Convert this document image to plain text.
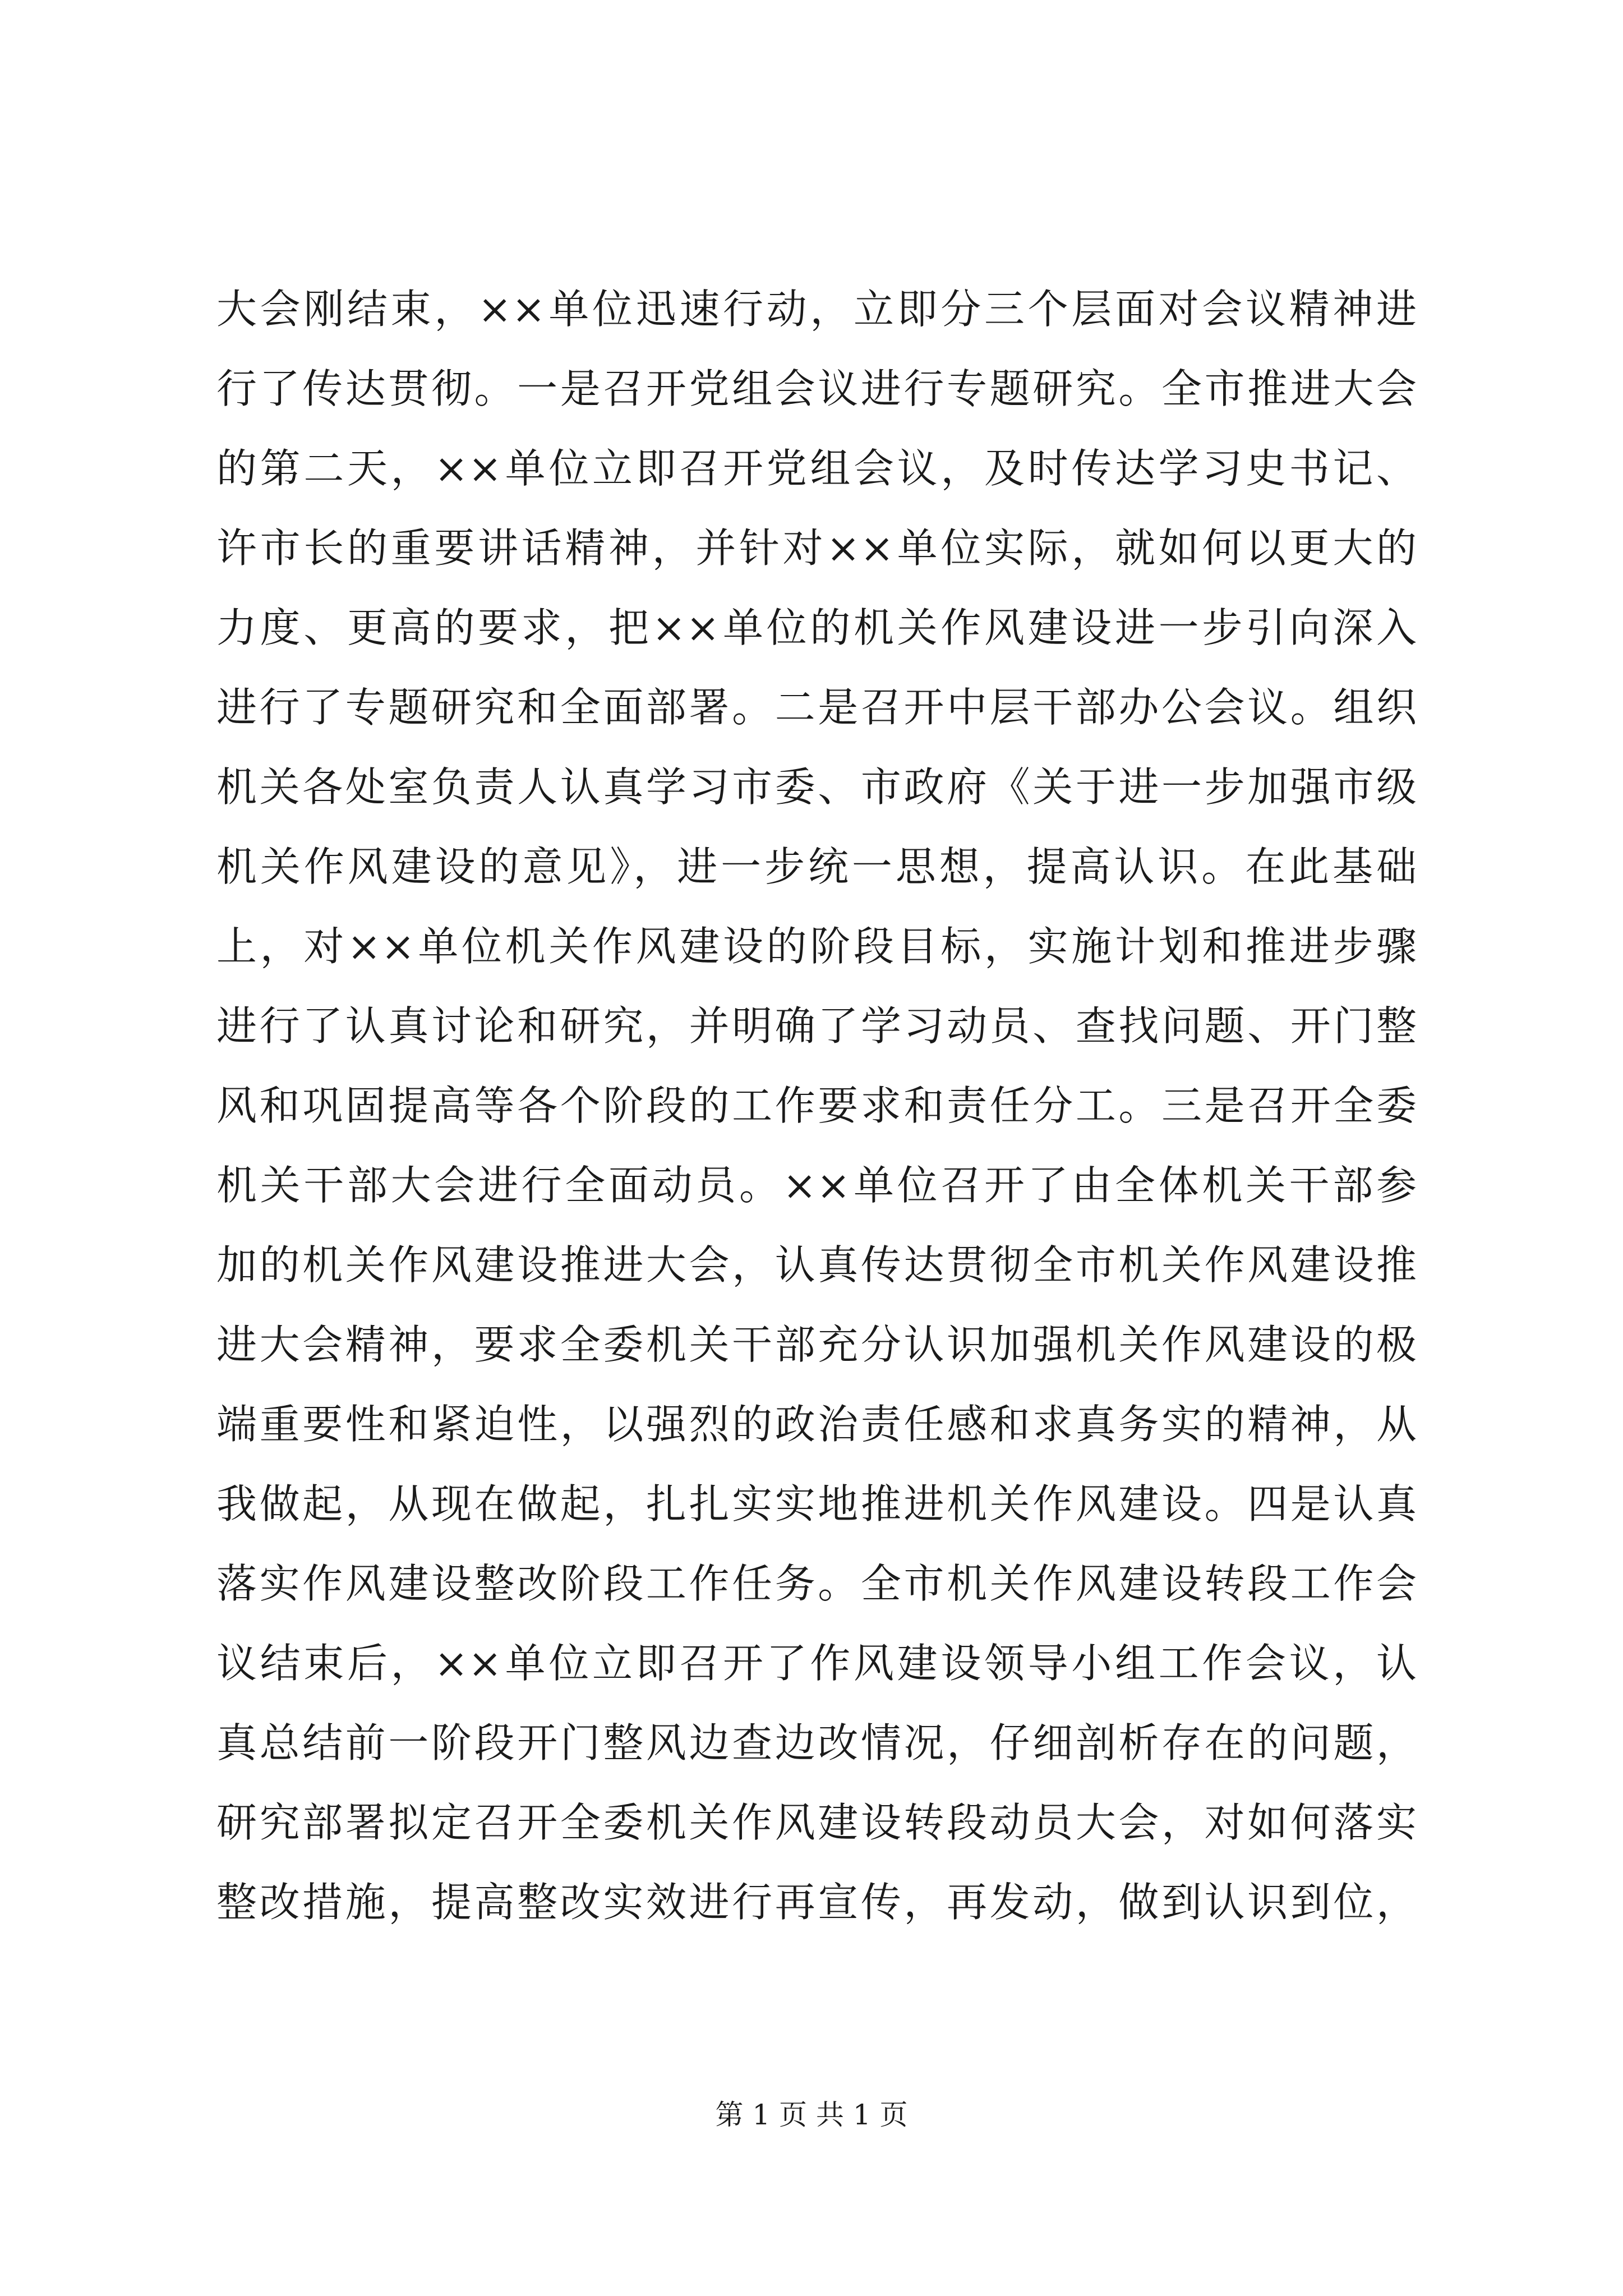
大会刚结束，××单位迅速行动，立即分三个层面对会议精神进
行了传达贯彻。一是召开党组会议进行专题研究。全市推进大会
的第二天，××单位立即召开党组会议，及时传达学习史书记、
许市长的重要讲话精神，并针对××单位实际，就如何以更大的
力度、更高的要求，把××单位的机关作风建设进一步引向深入
进行了专题研究和全面部署。二是召开中层干部办公会议。组织
机关各处室负责人认真学习市委、市政府《关于进一步加强市级
机关作风建设的意见》，进一步统一思想，提高认识。在此基础
上，对××单位机关作风建设的阶段目标，实施计划和推进步骤
进行了认真讨论和研究，并明确了学习动员、查找问题、开门整
风和巩固提高等各个阶段的工作要求和责任分工。三是召开全委
机关干部大会进行全面动员。××单位召开了由全体机关干部参
加的机关作风建设推进大会，认真传达贯彻全市机关作风建设推
进大会精神，要求全委机关干部充分认识加强机关作风建设的极
端重要性和紧迫性，以强烈的政治责任感和求真务实的精神，从
我做起，从现在做起，扎扎实实地推进机关作风建设。四是认真
落实作风建设整改阶段工作任务。全市机关作风建设转段工作会
议结束后，××单位立即召开了作风建设领导小组工作会议，认
真总结前一阶段开门整风边查边改情况，仔细剖析存在的问题，
研究部署拟定召开全委机关作风建设转段动员大会，对如何落实
整改措施，提高整改实效进行再宣传，再发动，做到认识到位，
第 1 页 共 1 页
